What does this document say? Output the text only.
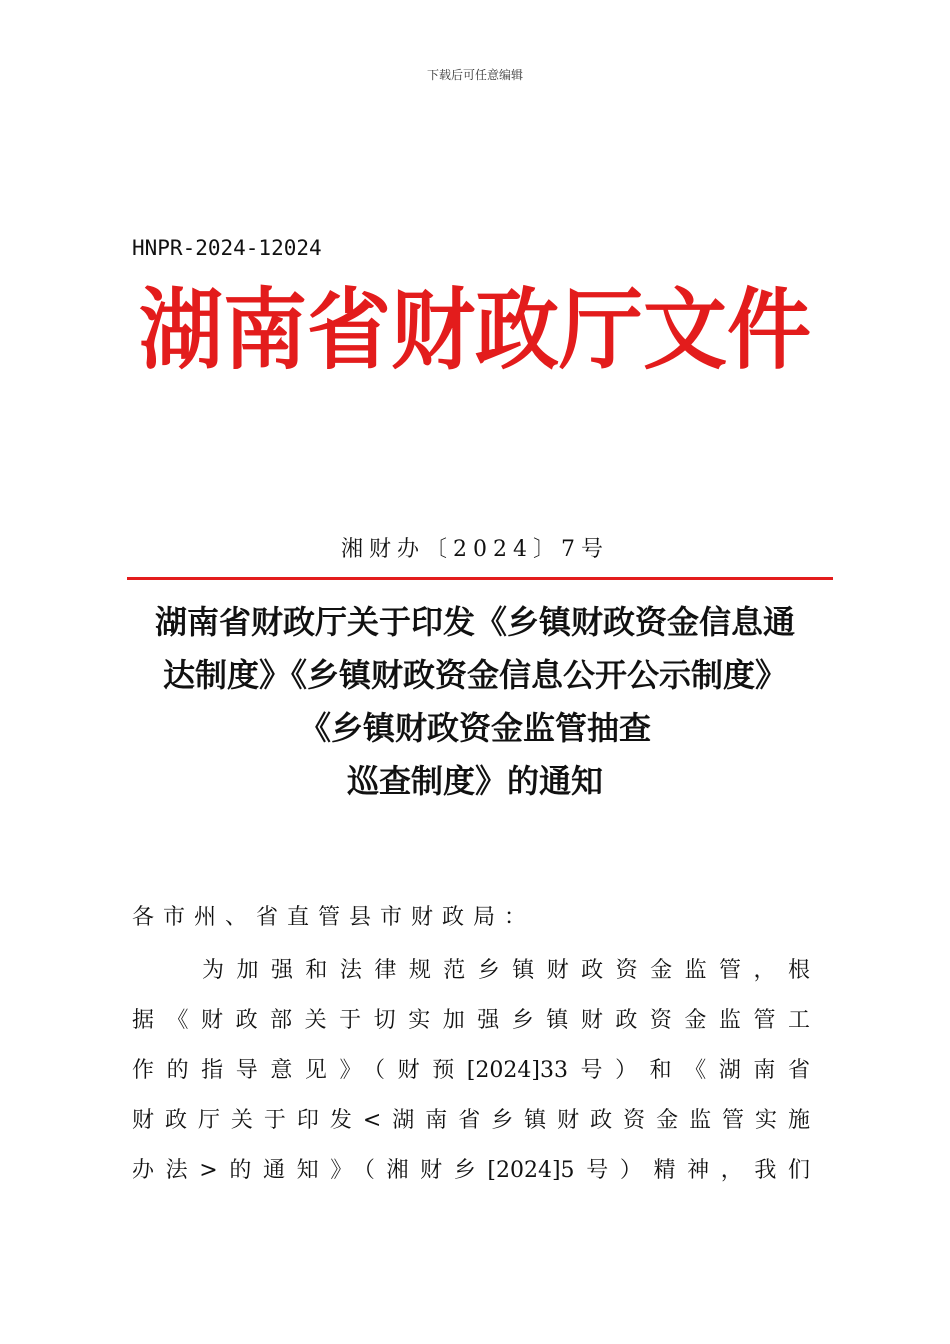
下载后可任意编辑
HNPR-2024-12024
湖南省财政厅文件
湘财办〔2024〕7号
湖南省财政厅关于印发《乡镇财政资金信息通
达制度》《乡镇财政资金信息公开公示制度》
《乡镇财政资金监管抽查
巡查制度》的通知
各市州、省直管县市财政局：
为加强和法律规范乡镇财政资金监管，根
据《财政部关于切实加强乡镇财政资金监管工
作的指导意见》（财预[2024]33号）和《湖南省
财政厅关于印发<湖南省乡镇财政资金监管实施
办法>的通知》（湘财乡[2024]5号）精神，我们
